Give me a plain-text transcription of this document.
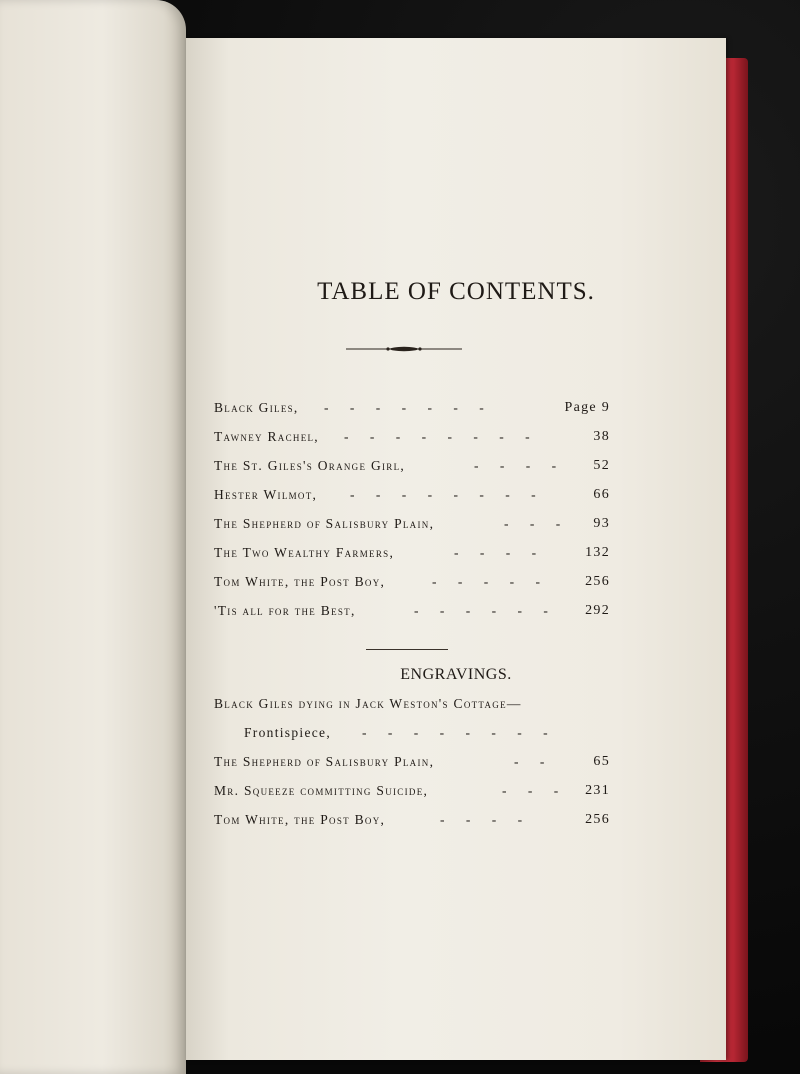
TABLE OF CONTENTS.
Black Giles, - - - - - - -	Page 9
Tawney Rachel, - - - - - - - -	38
The St. Giles's Orange Girl,	- - - - 52
Hester Wilmot, - - - - - - - -	66
The Shepherd of Salisbury Plain,	- - - 93
The Two Wealthy Farmers,	- - - -	132
Tom White, the Post Boy,	- - - - -	256
'Tis all for the Best,	- - - - - - 292
ENGRAVINGS.
Black Giles dying in Jack Weston's Cottage—
Frontispiece, - - - - - - - -
The Shepherd of Salisbury Plain,	- -	65
Mr. Squeeze committing Suicide,	- - - 231
Tom White, the Post Boy,	- - - -	256
